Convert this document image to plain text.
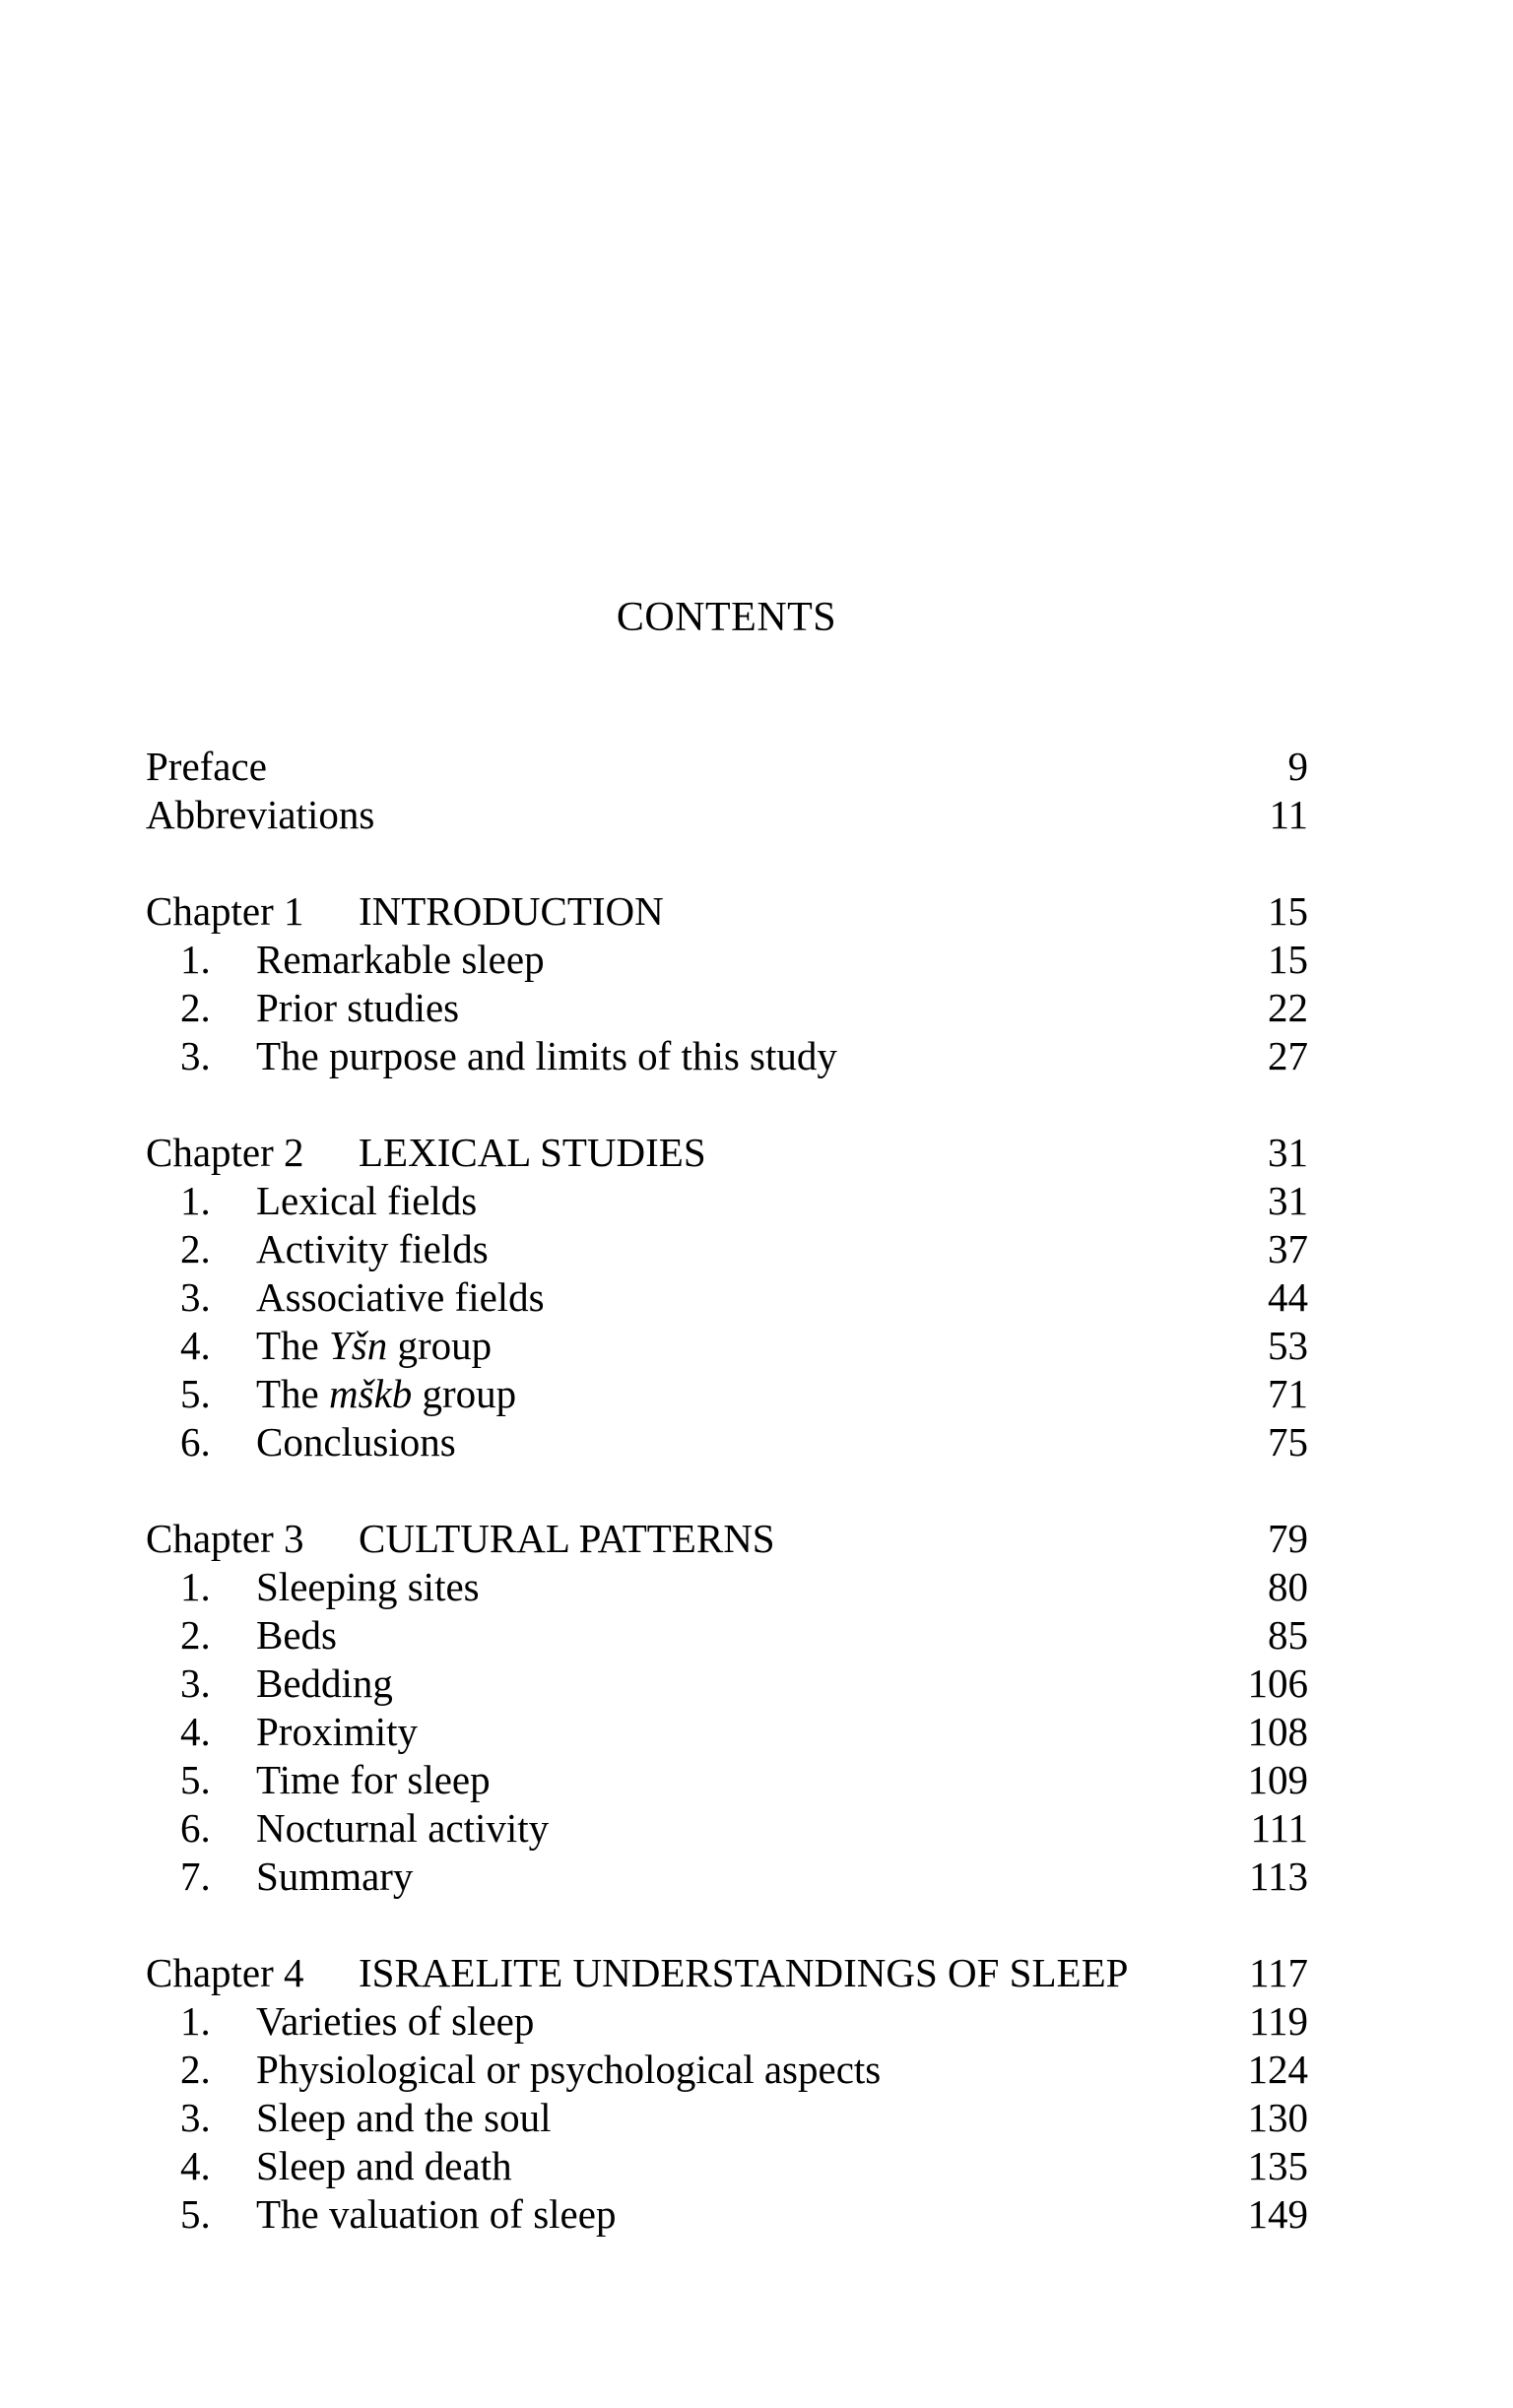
CONTENTS
Preface	9
Abbreviations	11
Chapter 1 INTRODUCTION	15
1. Remarkable sleep	15
2. Prior studies	22
3. The purpose and limits of this study	27
Chapter 2 LEXICAL STUDIES	31
1. Lexical fields	31
2. Activity fields	37
3. Associative fields	44
4. The Yšn group	53
5. The mškb group	71
6. Conclusions	75
Chapter 3 CULTURAL PATTERNS	79
1. Sleeping sites	80
2. Beds	85
3. Bedding	106
4. Proximity	108
5. Time for sleep	109
6. Nocturnal activity	111
7. Summary	113
Chapter 4 ISRAELITE UNDERSTANDINGS OF SLEEP	117
1. Varieties of sleep	119
2. Physiological or psychological aspects	124
3. Sleep and the soul	130
4. Sleep and death	135
5. The valuation of sleep	149
